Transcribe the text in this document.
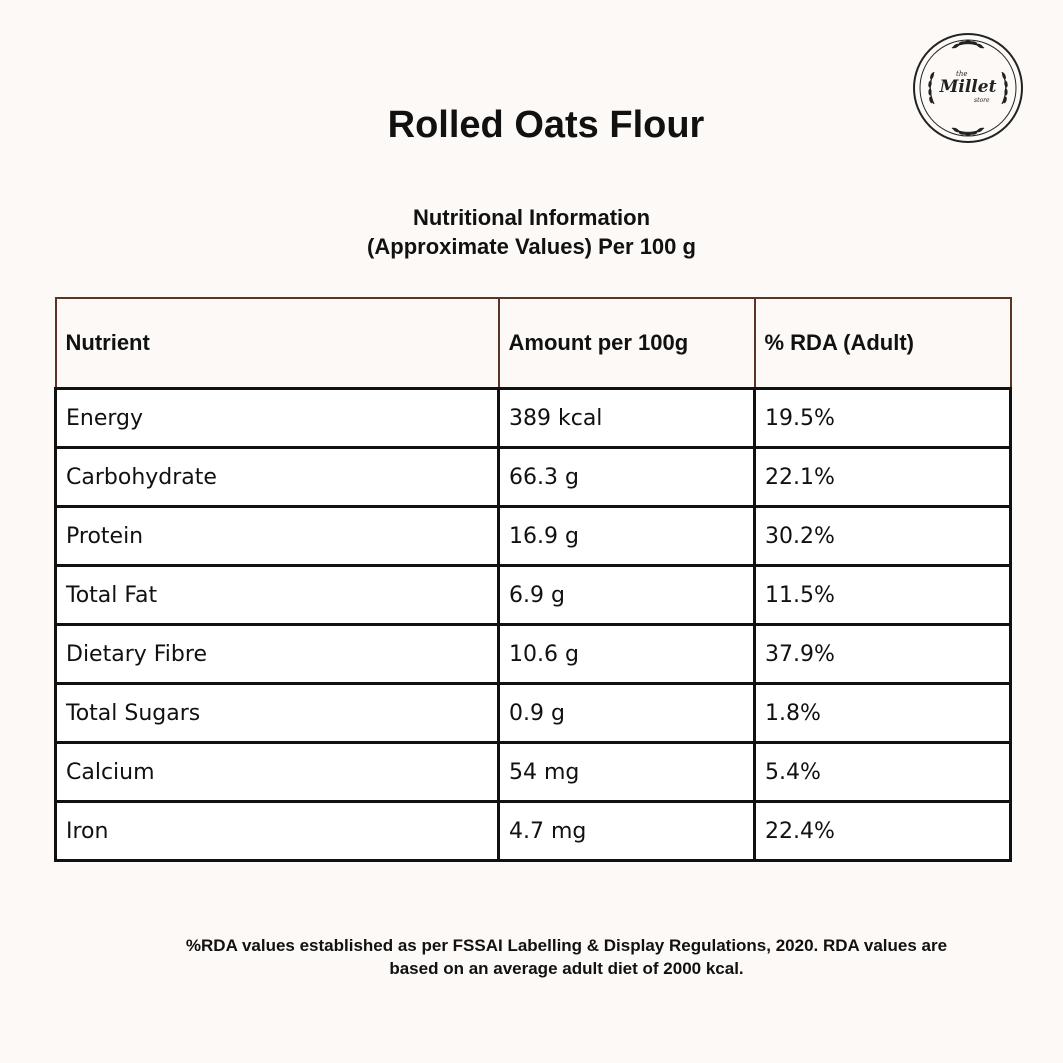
the
Millet
store
Rolled Oats Flour
Nutritional Information
(Approximate Values) Per 100 g
Nutrient	Amount per 100g	% RDA (Adult)
Energy	389 kcal	19.5%
Carbohydrate	66.3 g	22.1%
Protein	16.9 g	30.2%
Total Fat	6.9 g	11.5%
Dietary Fibre	10.6 g	37.9%
Total Sugars	0.9 g	1.8%
Calcium	54 mg	5.4%
Iron	4.7 mg	22.4%
%RDA values established as per FSSAI Labelling & Display Regulations, 2020. RDA values are
based on an average adult diet of 2000 kcal.
